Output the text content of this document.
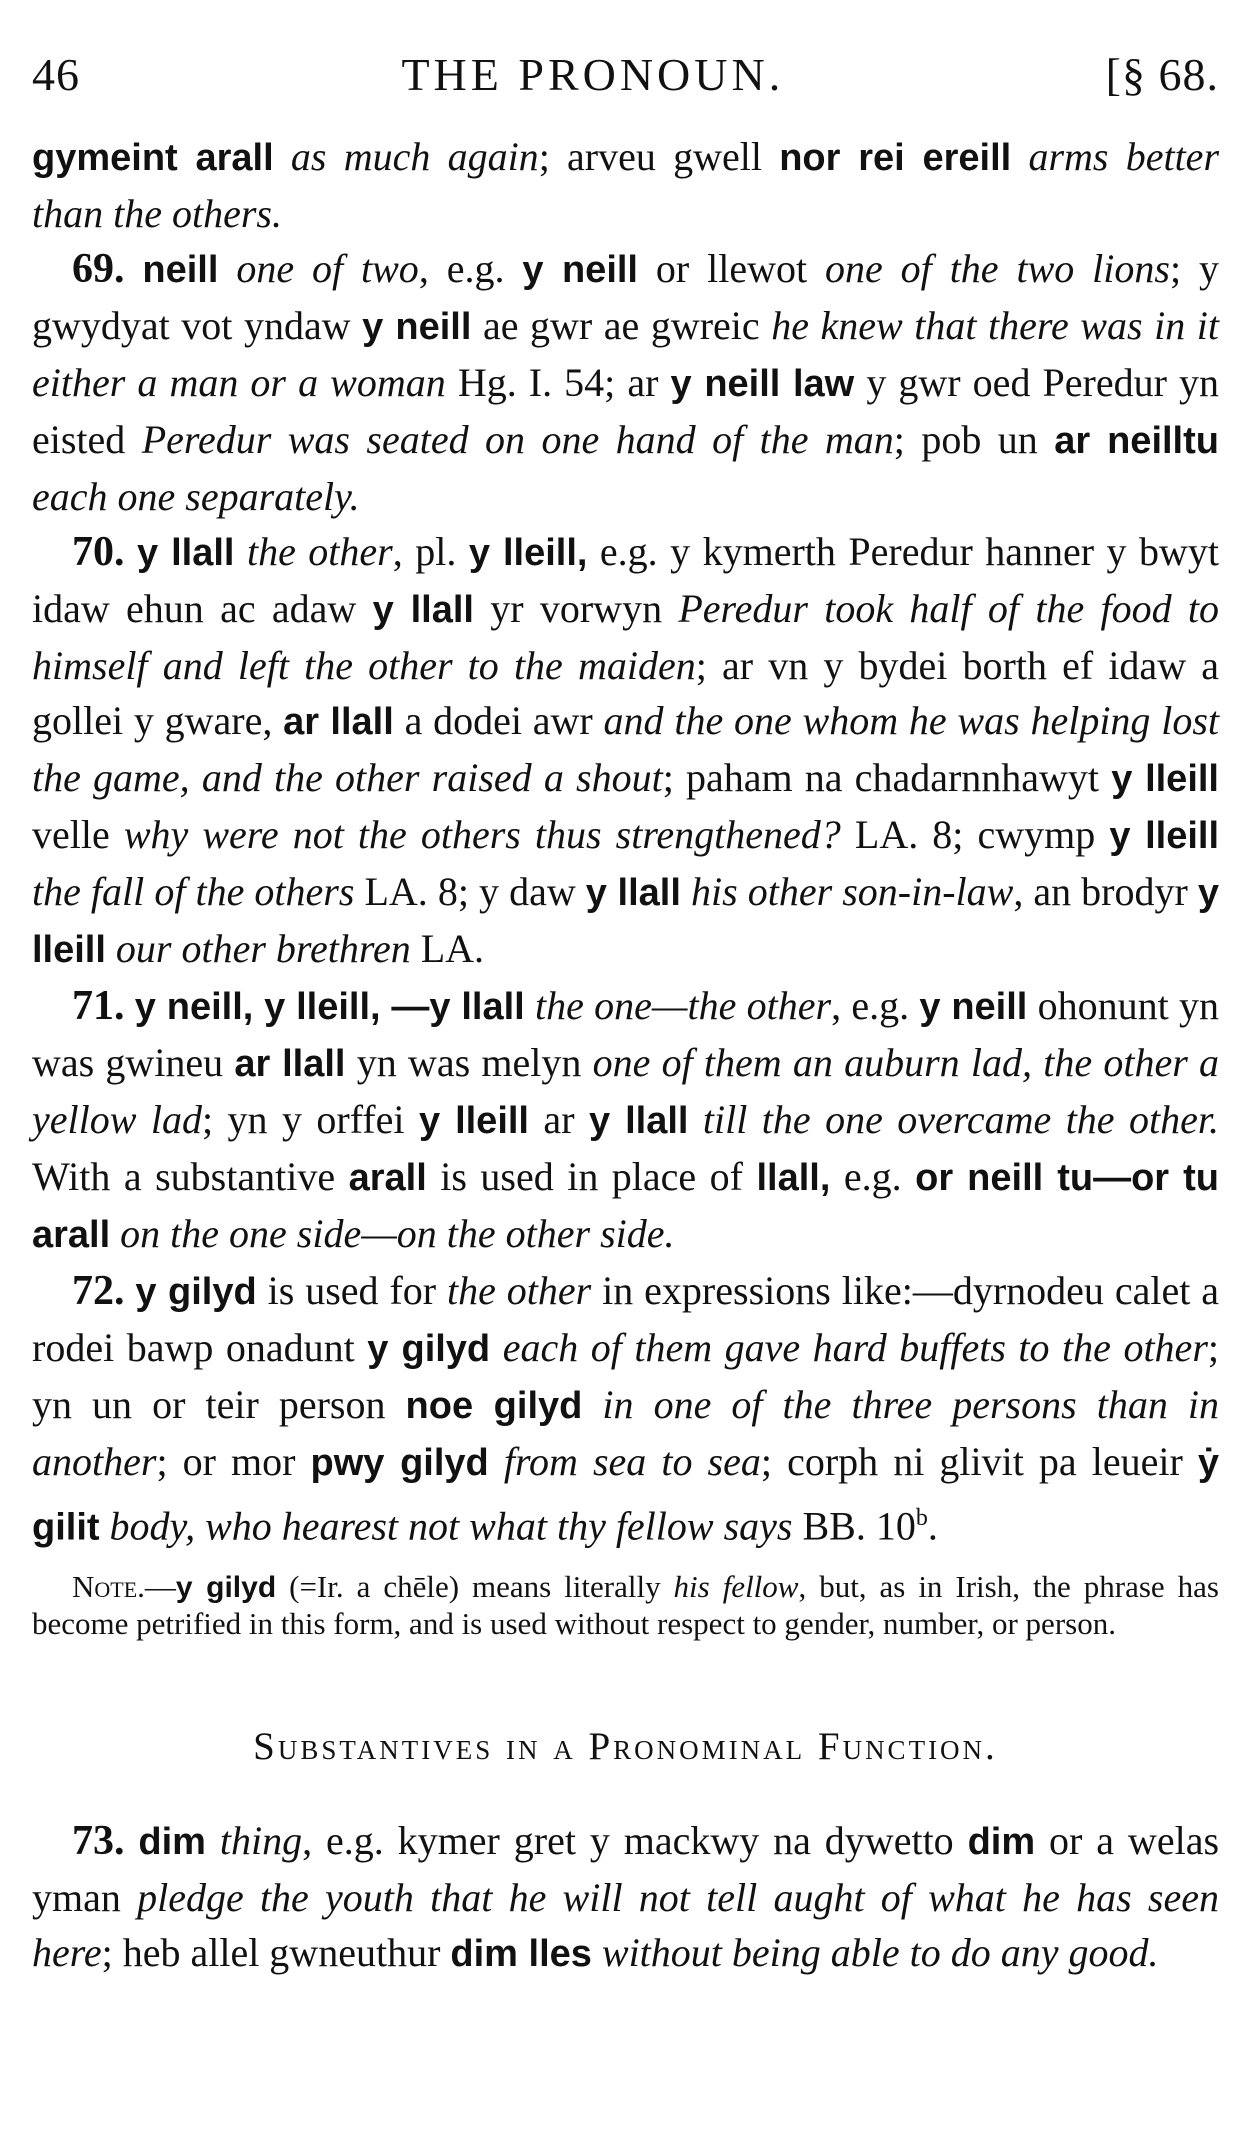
46	THE PRONOUN.	[§ 68.

gymeint arall as much again; arveu gwell nor rei ereill arms better than the others.

69. neill one of two, e.g. y neill or llewot one of the two lions; y gwydyat vot yndaw y neill ae gwr ae gwreic he knew that there was in it either a man or a woman Hg. I. 54; ar y neill law y gwr oed Peredur yn eisted Peredur was seated on one hand of the man; pob un ar neilltu each one separately.

70. y llall the other, pl. y lleill, e.g. y kymerth Peredur hanner y bwyt idaw ehun ac adaw y llall yr vorwyn Peredur took half of the food to himself and left the other to the maiden; ar vn y bydei borth ef idaw a gollei y gware, ar llall a dodei awr and the one whom he was helping lost the game, and the other raised a shout; paham na chadarnnhawyt y lleill velle why were not the others thus strengthened? LA. 8; cwymp y lleill the fall of the others LA. 8; y daw y llall his other son-in-law, an brodyr y lleill our other brethren LA.

71. y neill, y lleill, —y llall the one—the other, e.g. y neill ohonunt yn was gwineu ar llall yn was melyn one of them an auburn lad, the other a yellow lad; yn y orffei y lleill ar y llall till the one overcame the other. With a substantive arall is used in place of llall, e.g. or neill tu—or tu arall on the one side—on the other side.

72. y gilyd is used for the other in expressions like:—dyrnodeu calet a rodei bawp onadunt y gilyd each of them gave hard buffets to the other; yn un or teir person noe gilyd in one of the three persons than in another; or mor pwy gilyd from sea to sea; corph ni glivit pa leueir ẏ gilit body, who hearest not what thy fellow says BB. 10$^b$.

Note.—y gilyd (=Ir. a chēle) means literally his fellow, but, as in Irish, the phrase has become petrified in this form, and is used without respect to gender, number, or person.

Substantives in a Pronominal Function.

73. dim thing, e.g. kymer gret y mackwy na dywetto dim or a welas yman pledge the youth that he will not tell aught of what he has seen here; heb allel gwneuthur dim lles without being able to do any good.
